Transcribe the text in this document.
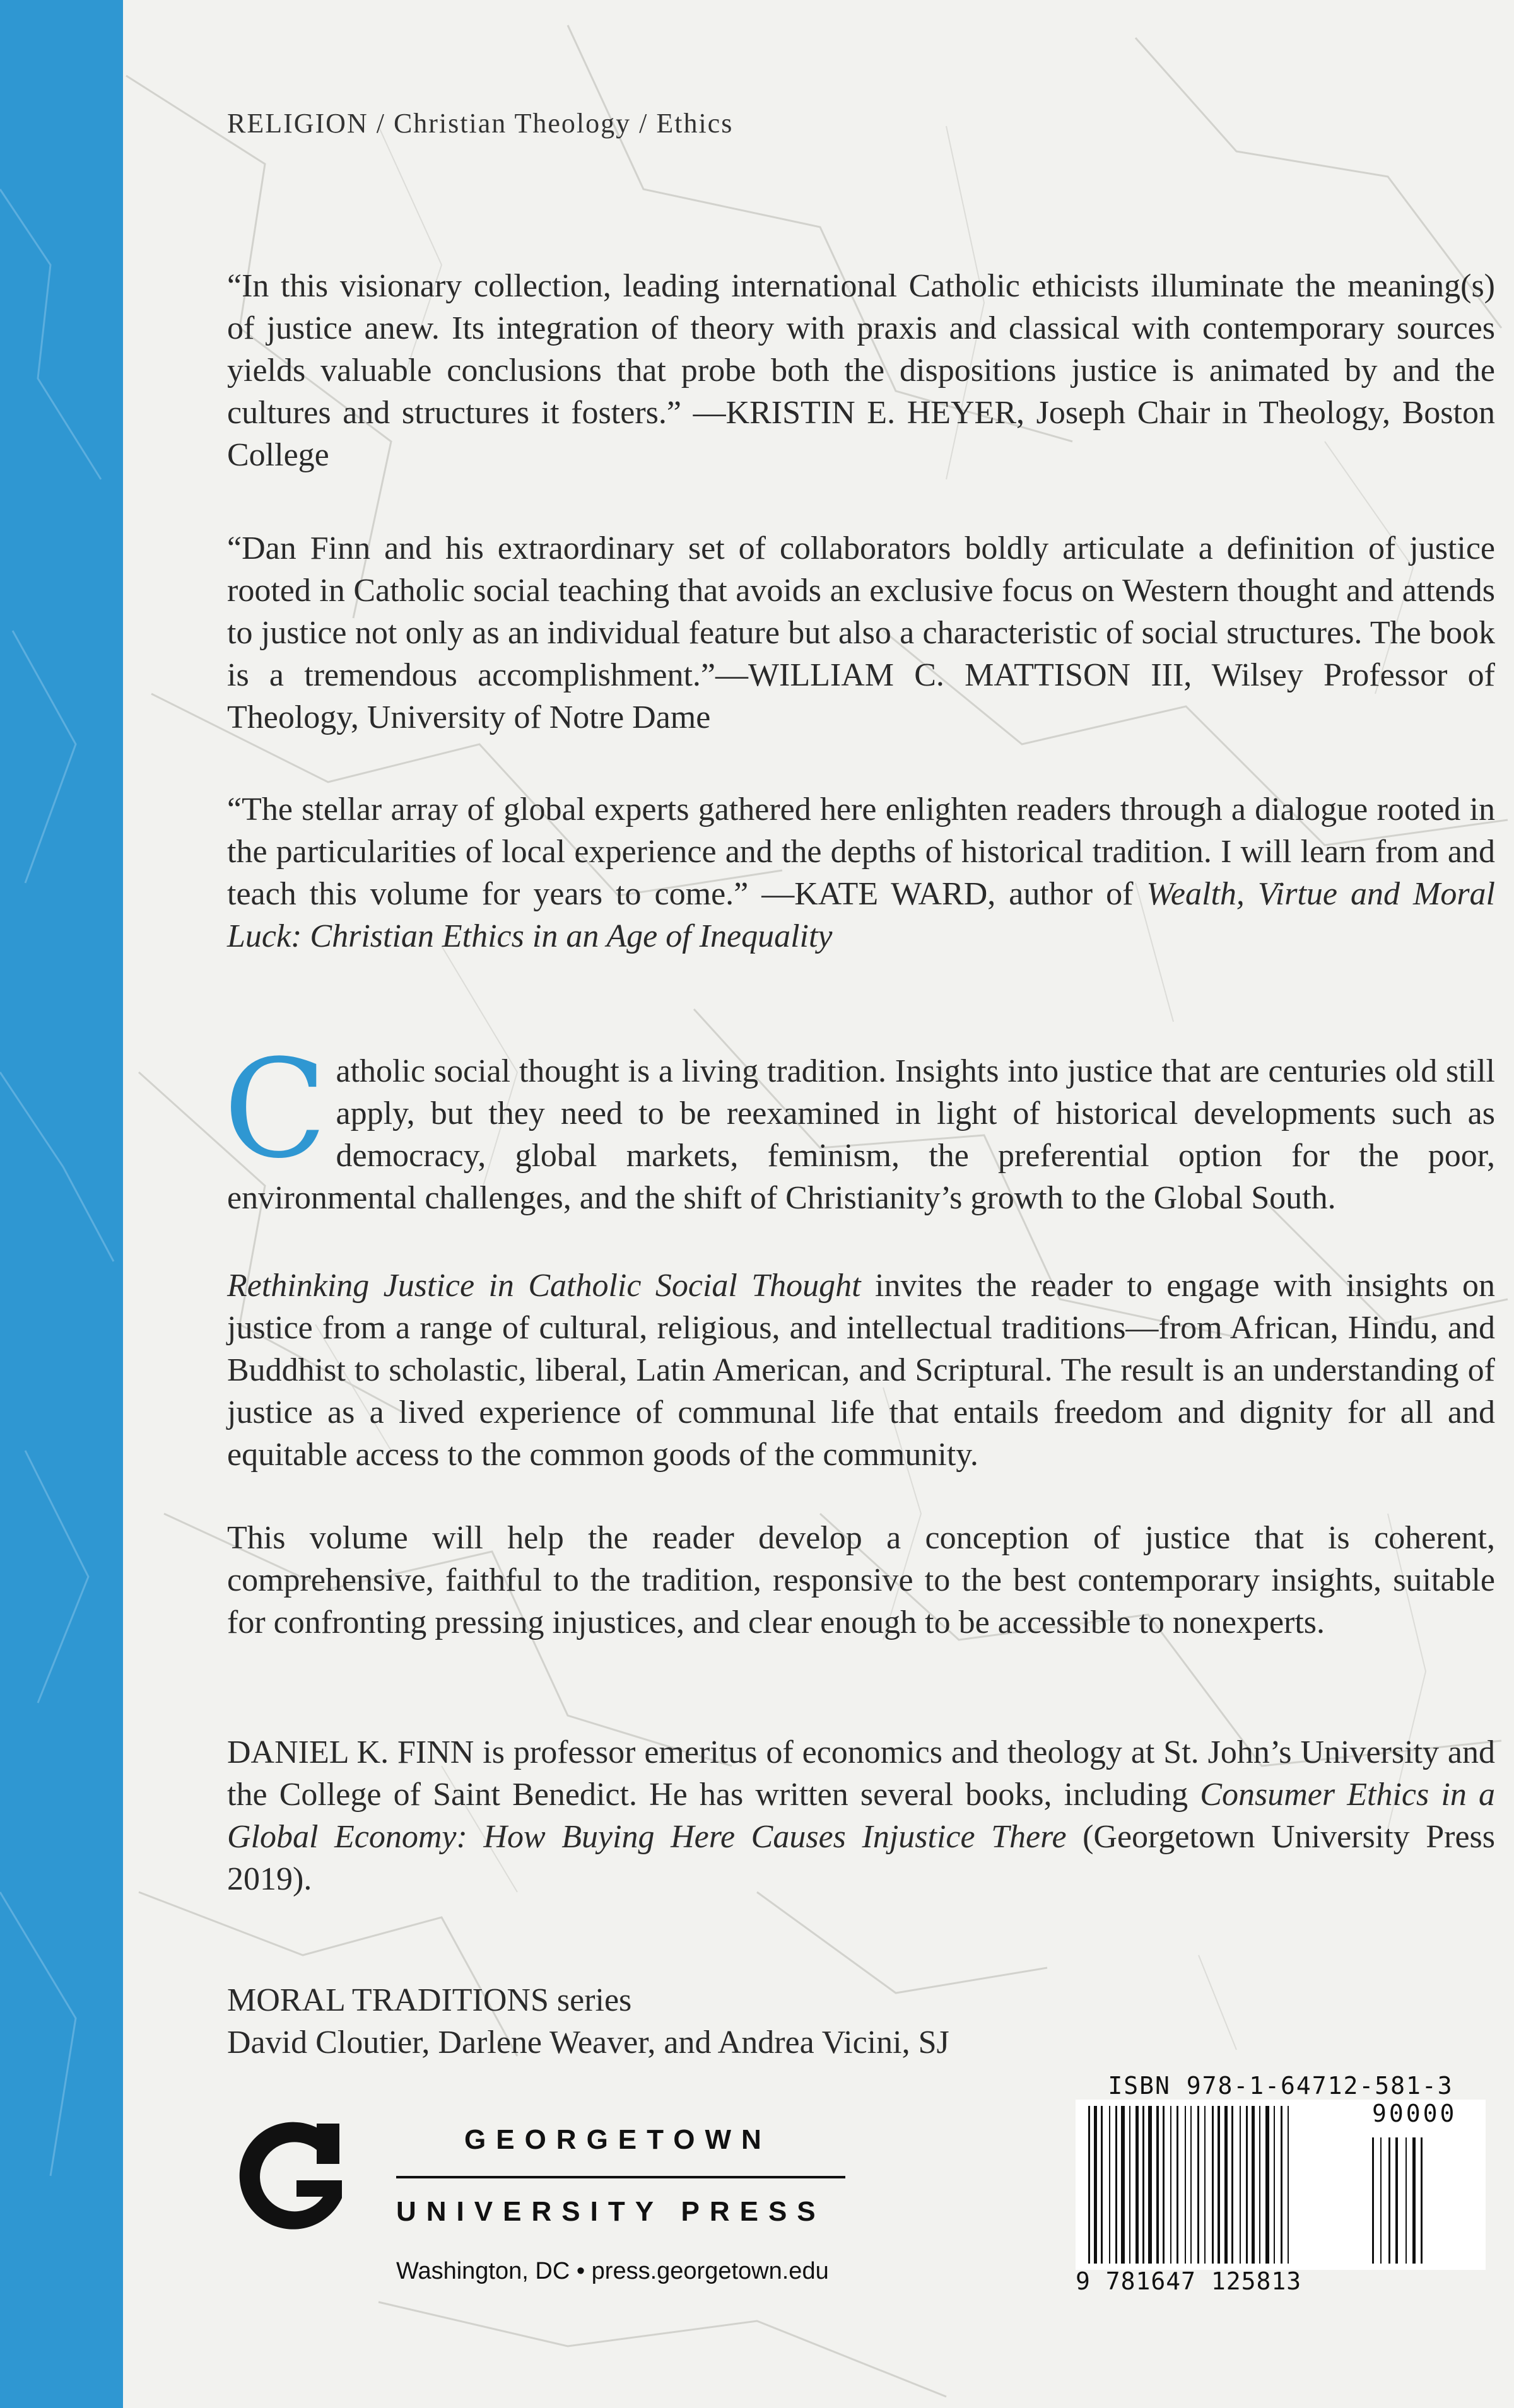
RELIGION / Christian Theology / Ethics

“In this visionary collection, leading international Catholic ethicists illuminate the meaning(s) of justice anew. Its integration of theory with praxis and classical with contemporary sources yields valuable conclusions that probe both the dispositions justice is animated by and the cultures and structures it fosters.” —KRISTIN E. HEYER, Joseph Chair in Theology, Boston College

“Dan Finn and his extraordinary set of collaborators boldly articulate a definition of justice rooted in Catholic social teaching that avoids an exclusive focus on Western thought and attends to justice not only as an individual feature but also a characteristic of social structures. The book is a tremendous accomplishment.”—WILLIAM C. MATTISON III, Wilsey Professor of Theology, University of Notre Dame

“The stellar array of global experts gathered here enlighten readers through a dialogue rooted in the particularities of local experience and the depths of historical tradition. I will learn from and teach this volume for years to come.” —KATE WARD, author of Wealth, Virtue and Moral Luck: Christian Ethics in an Age of Inequality

Catholic social thought is a living tradition. Insights into justice that are centuries old still apply, but they need to be reexamined in light of historical developments such as democracy, global markets, feminism, the preferential option for the poor, environmental challenges, and the shift of Christianity’s growth to the Global South.

Rethinking Justice in Catholic Social Thought invites the reader to engage with insights on justice from a range of cultural, religious, and intellectual traditions—from African, Hindu, and Buddhist to scholastic, liberal, Latin American, and Scriptural. The result is an understanding of justice as a lived experience of communal life that entails freedom and dignity for all and equitable access to the common goods of the community.

This volume will help the reader develop a conception of justice that is coherent, comprehensive, faithful to the tradition, responsive to the best contemporary insights, suitable for confronting pressing injustices, and clear enough to be accessible to nonexperts.

DANIEL K. FINN is professor emeritus of economics and theology at St. John’s University and the College of Saint Benedict. He has written several books, including Consumer Ethics in a Global Economy: How Buying Here Causes Injustice There (Georgetown University Press 2019).

MORAL TRADITIONS series
David Cloutier, Darlene Weaver, and Andrea Vicini, SJ
GEORGETOWN
UNIVERSITY PRESS
Washington, DC • press.georgetown.edu
ISBN 978-1-64712-581-3
90000
9 781647 125813
